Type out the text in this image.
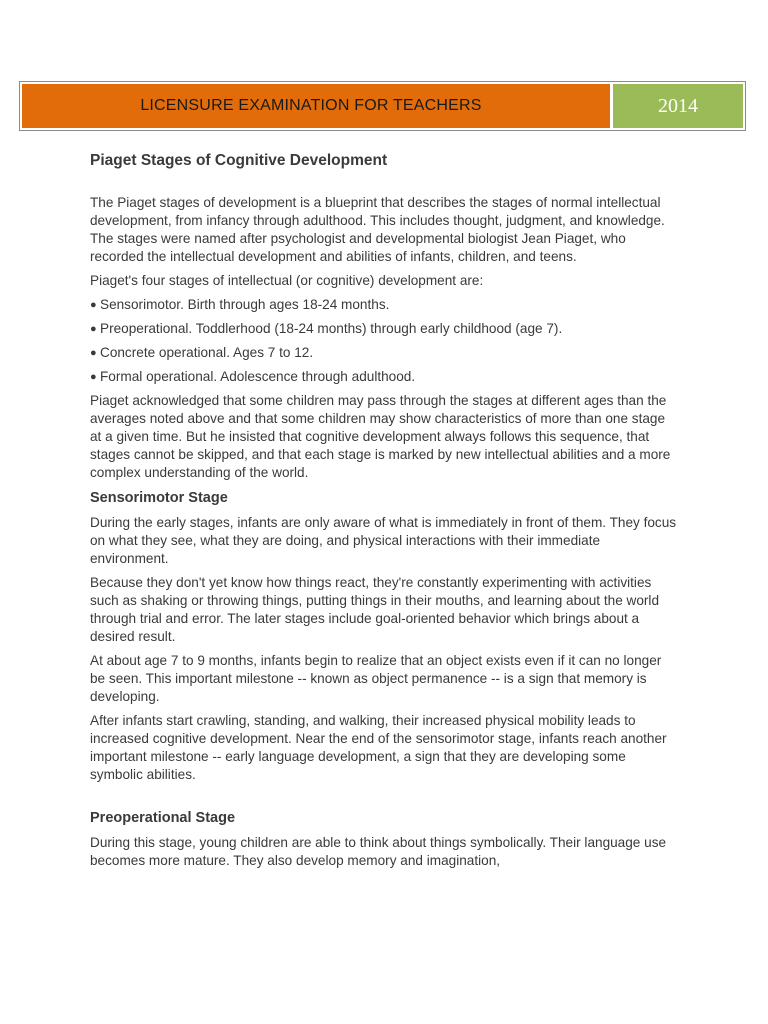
LICENSURE EXAMINATION FOR TEACHERS	2014
Piaget Stages of Cognitive Development

The Piaget stages of development is a blueprint that describes the stages of normal intellectual development, from infancy through adulthood. This includes thought, judgment, and knowledge. The stages were named after psychologist and developmental biologist Jean Piaget, who recorded the intellectual development and abilities of infants, children, and teens.

Piaget's four stages of intellectual (or cognitive) development are:

● Sensorimotor. Birth through ages 18-24 months.
● Preoperational. Toddlerhood (18-24 months) through early childhood (age 7).
● Concrete operational. Ages 7 to 12.
● Formal operational. Adolescence through adulthood.

Piaget acknowledged that some children may pass through the stages at different ages than the averages noted above and that some children may show characteristics of more than one stage at a given time. But he insisted that cognitive development always follows this sequence, that stages cannot be skipped, and that each stage is marked by new intellectual abilities and a more complex understanding of the world.

Sensorimotor Stage

During the early stages, infants are only aware of what is immediately in front of them. They focus on what they see, what they are doing, and physical interactions with their immediate environment.

Because they don't yet know how things react, they're constantly experimenting with activities such as shaking or throwing things, putting things in their mouths, and learning about the world through trial and error. The later stages include goal-oriented behavior which brings about a desired result.

At about age 7 to 9 months, infants begin to realize that an object exists even if it can no longer be seen. This important milestone -- known as object permanence -- is a sign that memory is developing.

After infants start crawling, standing, and walking, their increased physical mobility leads to increased cognitive development. Near the end of the sensorimotor stage, infants reach another important milestone -- early language development, a sign that they are developing some symbolic abilities.

Preoperational Stage

During this stage, young children are able to think about things symbolically. Their language use becomes more mature. They also develop memory and imagination,
